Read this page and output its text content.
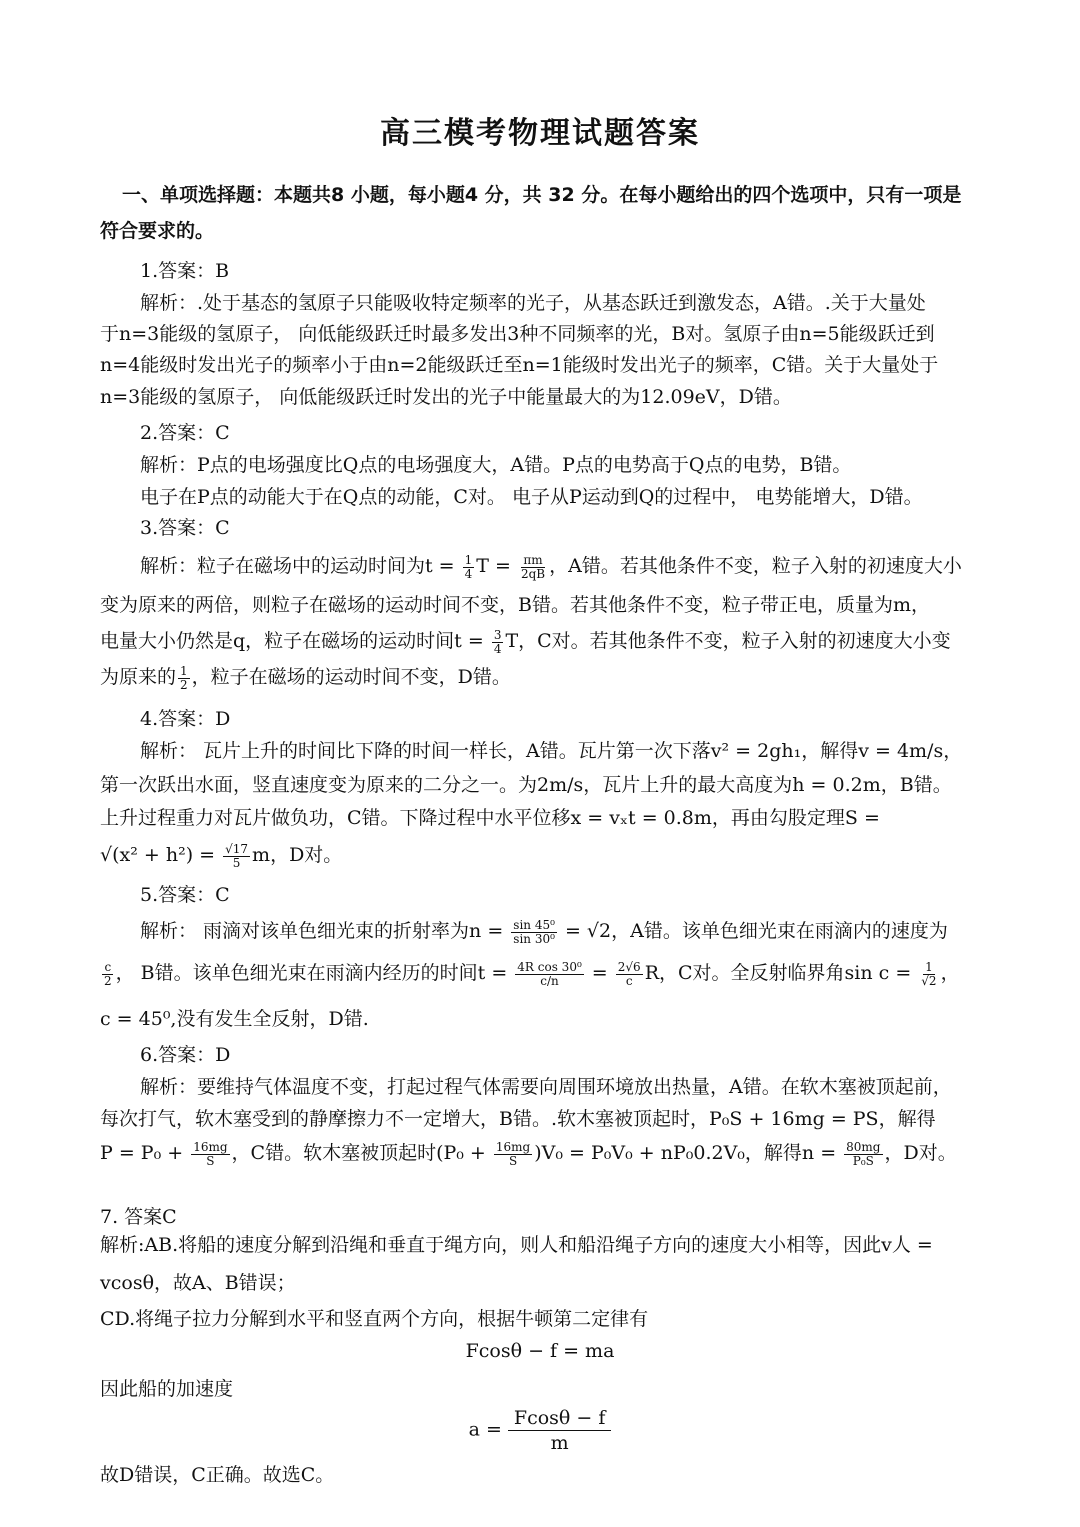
高三模考物理试题答案
一、单项选择题：本题共8 小题，每小题4 分，共 32 分。在每小题给出的四个选项中，只有一项是
符合要求的。
1.答案：B
解析：.处于基态的氢原子只能吸收特定频率的光子，从基态跃迁到激发态，A错。.关于大量处
于n=3能级的氢原子， 向低能级跃迁时最多发出3种不同频率的光，B对。氢原子由n=5能级跃迁到
n=4能级时发出光子的频率小于由n=2能级跃迁至n=1能级时发出光子的频率，C错。关于大量处于
n=3能级的氢原子， 向低能级跃迁时发出的光子中能量最大的为12.09eV，D错。
2.答案：C
解析：P点的电场强度比Q点的电场强度大，A错。P点的电势高于Q点的电势，B错。
电子在P点的动能大于在Q点的动能，C对。 电子从P运动到Q的过程中， 电势能增大，D错。
3.答案：C
解析：粒子在磁场中的运动时间为$t = \frac{1}{4}$ $T = \frac{\pi m}{2qB}$ ，A错。若其他条件不变，粒子入射的初速度大小
变为原来的两倍，则粒子在磁场的运动时间不变，B错。若其他条件不变，粒子带正电，质量为m，
电量大小仍然是q，粒子在磁场的运动时间$t = \frac{3}{4}$ T，C对。若其他条件不变，粒子入射的初速度大小变
为原来的 $\frac{1}{2}$ ，粒子在磁场的运动时间不变，D错。
4.答案：D
解析： 瓦片上升的时间比下降的时间一样长，A错。瓦片第一次下落v² = 2gh₁，解得v = 4m/s，
第一次跃出水面，竖直速度变为原来的二分之一。为2m/s，瓦片上升的最大高度为h = 0.2m，B错。
上升过程重力对瓦片做负功，C错。下降过程中水平位移x = vₓt = 0.8m，再由勾股定理S =
$√(x^2 + h^2) = \frac{√17}{5}$ m，D对。
5.答案：C
解析： 雨滴对该单色细光束的折射率为$n = \frac{\text{sin 45⁰}}{\text{sin 30⁰}} = √2$，A错。该单色细光束在雨滴内的速度为
$\frac{c}{2}$ ， B错。该单色细光束在雨滴内经历的时间$t = \frac{\text{4R cos 30⁰}}{c/n} = \frac{2√6}{c}$ R，C对。全反射临界角$\sin c = \frac{1}{√2}$ ，
c = 45⁰,没有发生全反射，D错.
6.答案：D
解析：要维持气体温度不变，打起过程气体需要向周围环境放出热量，A错。在软木塞被顶起前，
每次打气，软木塞受到的静摩擦力不一定增大，B错。.软木塞被顶起时，P₀S + 16mg = PS，解得
$P = P_0 + \frac{16mg}{S}$ ，C错。软木塞被顶起时$(P_0 + \frac{16mg}{S} )V_0 = P_0V_0 + nP_00.2V_0$，解得$n = \frac{80mg}{\text{P₀S}}$ ，D对。
7. 答案C
解析:AB.将船的速度分解到沿绳和垂直于绳方向，则人和船沿绳子方向的速度大小相等，因此v人 =
vcosθ，故A、B错误；
CD.将绳子拉力分解到水平和竖直两个方向，根据牛顿第二定律有
Fcosθ − f = ma
因此船的加速度
$a = \frac{Fcos\theta - f}{m}$
故D错误，C正确。故选C。
